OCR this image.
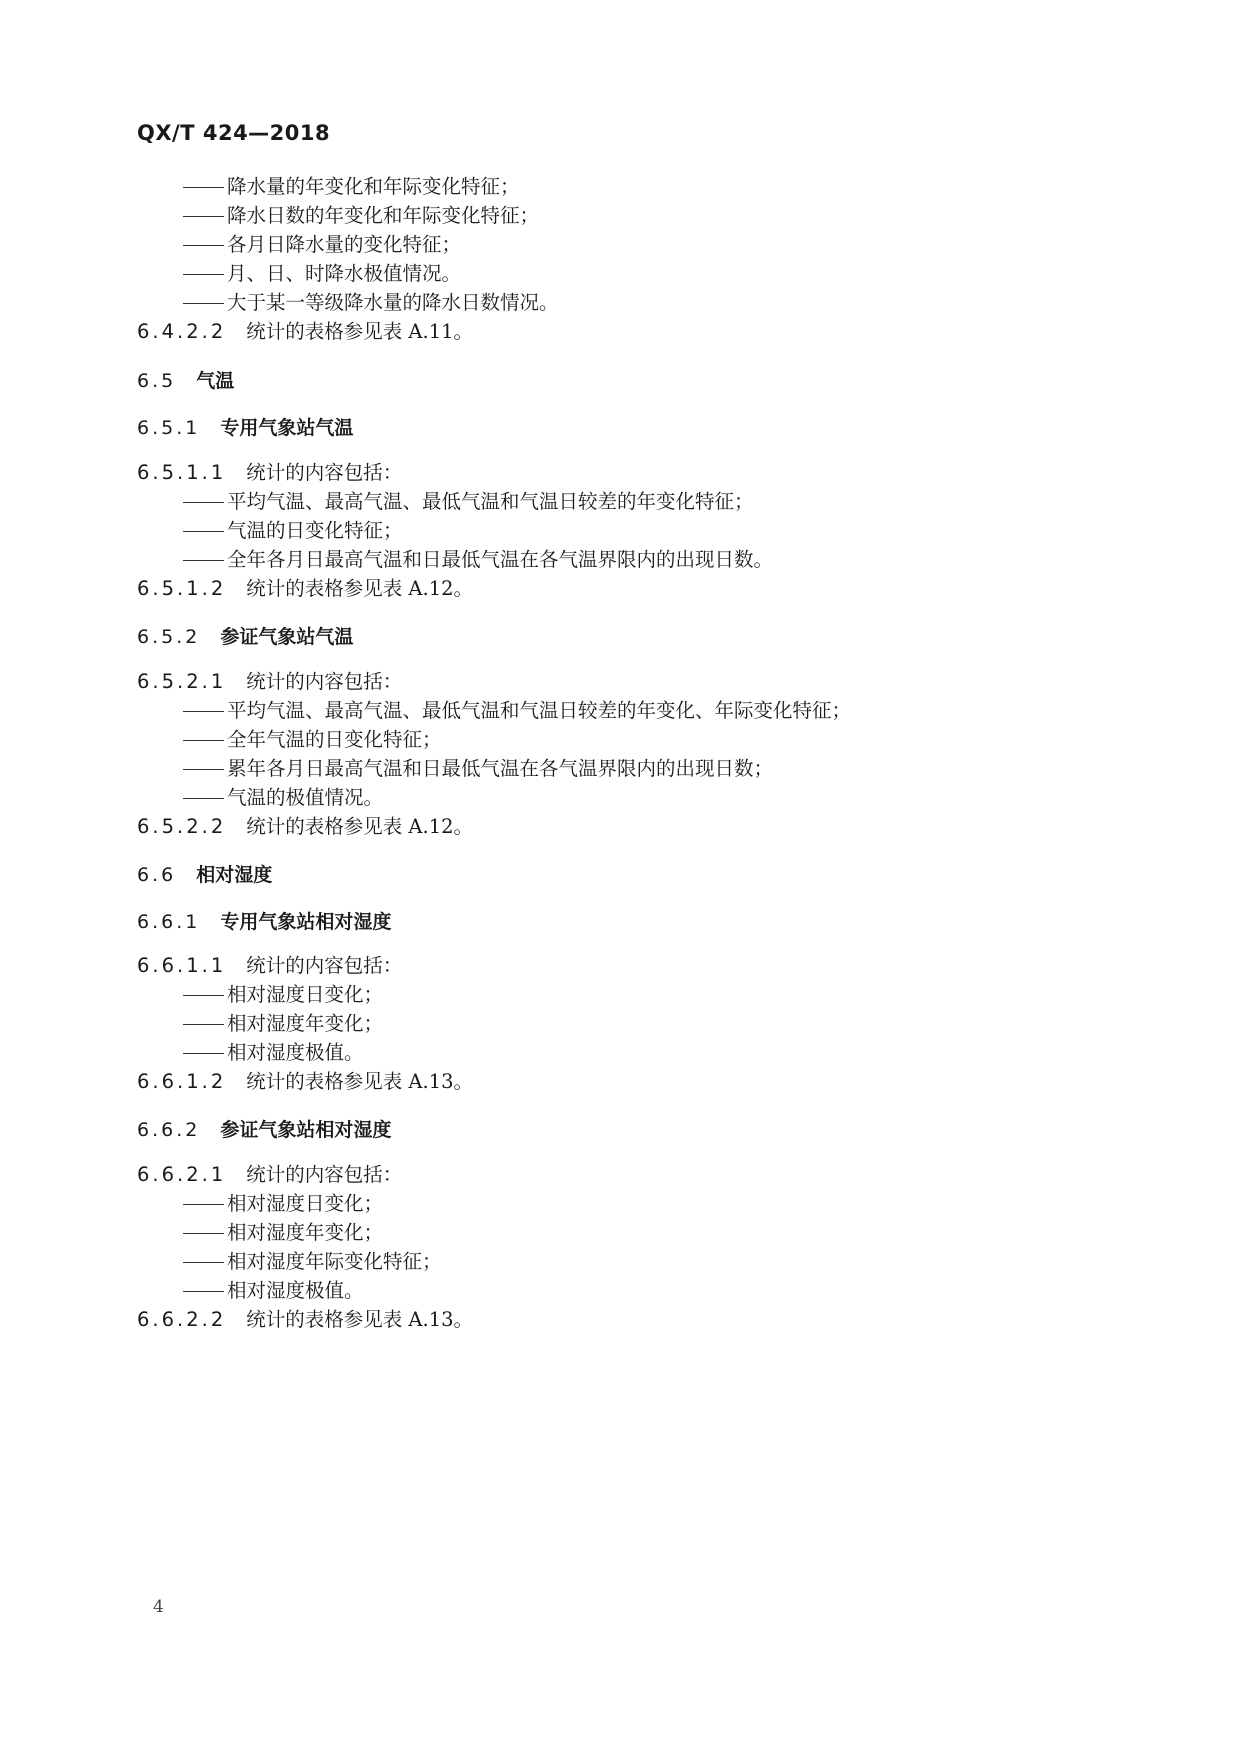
QX/T 424—2018
降水量的年变化和年际变化特征；
降水日数的年变化和年际变化特征；
各月日降水量的变化特征；
月、日、时降水极值情况。
大于某一等级降水量的降水日数情况。
6.4.2.2 统计的表格参见表 A.11。
6.5 气温
6.5.1 专用气象站气温
6.5.1.1 统计的内容包括：
平均气温、最高气温、最低气温和气温日较差的年变化特征；
气温的日变化特征；
全年各月日最高气温和日最低气温在各气温界限内的出现日数。
6.5.1.2 统计的表格参见表 A.12。
6.5.2 参证气象站气温
6.5.2.1 统计的内容包括：
平均气温、最高气温、最低气温和气温日较差的年变化、年际变化特征；
全年气温的日变化特征；
累年各月日最高气温和日最低气温在各气温界限内的出现日数；
气温的极值情况。
6.5.2.2 统计的表格参见表 A.12。
6.6 相对湿度
6.6.1 专用气象站相对湿度
6.6.1.1 统计的内容包括：
相对湿度日变化；
相对湿度年变化；
相对湿度极值。
6.6.1.2 统计的表格参见表 A.13。
6.6.2 参证气象站相对湿度
6.6.2.1 统计的内容包括：
相对湿度日变化；
相对湿度年变化；
相对湿度年际变化特征；
相对湿度极值。
6.6.2.2 统计的表格参见表 A.13。
4
